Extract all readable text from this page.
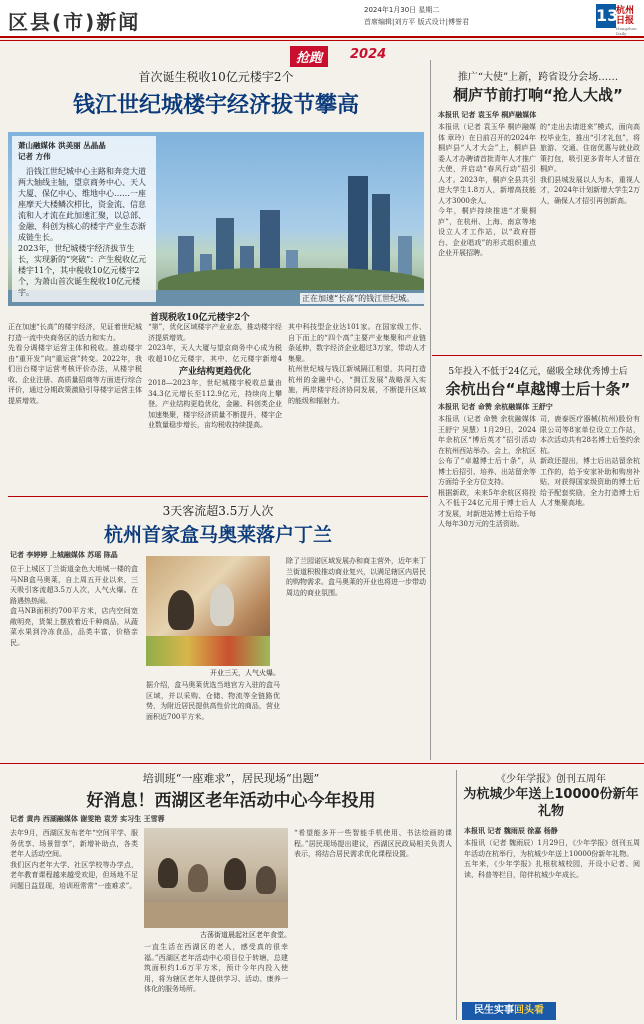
区县(市)新闻	2024年1月30日 星期二
首席编辑|刘方平 版式设计|傅誉君	13
杭州日报
Hangzhou Daily
抢跑	2024
首次诞生税收10亿元楼宇2个
钱江世纪城楼宇经济拔节攀高
萧山融媒体 洪美丽 丛晶晶
记者 方伟
沿钱江世纪城中心主路和奔竞大道两大轴线主轴，望京商务中心、天人大厦、保亿中心、维地中心……一座座摩天大楼鳞次栉比，资金流、信息流和人才流在此加速汇聚，以总部、金融、科创为核心的楼宇产业生态渐成链生长。
2023年，世纪城楼宇经济拔节生长，实现新的“突破”：产生税收亿元楼宇11个，其中税收10亿元楼宇2个，为萧山首次诞生税收10亿元楼宇。
首现税收10亿元楼宇2个
正在加速“长高”的钱江世纪城。
正在加速“长高”的楼宇经济，见证着世纪城打造一流中央商务区的活力和实力。
先看分调楼宇运营主体和税收。推动楼宇由“重开发”向“重运营”转变。2022年，我们出台楼宇运营考核评价办法，从楼宇税收、企业注册、高质量招商等方面进行综合评价，通过分期政策激励引导楼宇运营主体提质增效。
“第”，优化区域楼宇产业业态，推动楼宇经济提质增效。
2023年，天人大厦与望京商务中心成为税收超10亿元楼宇，其中，亿元楼宇新增4

产业结构更趋优化
2018—2023年，世纪城楼宇税收总量由34.3亿元增长至112.9亿元，持续向上攀登。产业结构更趋优化，金融、科创类企业加速集聚，楼宇经济质量不断提升，楼宇企业数量稳步增长，亩均税收持续提高。
其中科技型企业达101家。在国家级工作、自下而上的“四个高”主要产业集聚和产业链条延伸，数字经济企业超过3万家，带动人才集聚。
杭州世纪城与钱江新城隔江相望，共同打造杭州的金融中心，“拥江发展”战略深入实施，两岸楼宇经济协同发展，不断提升区域的能级和辐射力。
推广“大使”上新，跨省设分会场……
桐庐节前打响“抢人大战”
本报讯 记者 袁玉华 桐庐融媒体
本报讯（记者 袁玉华 桐庐融媒体 章玲）在日前召开的2024年桐庐县“人才大会”上，桐庐县委人才办聘请首批青年人才推广大使，并启动“春风行动”招引人才。2023年，桐庐全县共引进大学生1.8万人，新增高技能人才3000余人。
今年，桐庐持续推进“才聚桐庐”，在杭州、上海、南京等地设立人才工作站，以“政府搭台、企业唱戏”的形式组织重点企业开展招聘。
的“走出去请进来”模式，面向高校毕业生，推出“引才礼包”，将旅游、交通、住宿优惠与就业政策打包，吸引更多青年人才留在桐庐。
我们县城发展以人为本，重视人才，2024年计划新增大学生2万人，确保人才招引再创新高。
5年投入不低于24亿元，磁吸全球优秀博士后
余杭出台“卓越博士后十条”
本报讯 记者 命赞 余杭融媒体 王舒宁
本报讯（记者 命赞 余杭融媒体 王舒宁 吴慧）1月29日，2024年余杭区“博后英才”招引活动在杭州西站举办。会上，余杭区公布了“卓越博士后十条”，从博士后招引、培养、出站留余等方面给予全方位支持。
根据新政，未来5年余杭区将投入不低于24亿元用于博士后人才发展，对新进站博士后给予每人每年30万元的生活资助。
司，鹿泰医疗器械(杭州)股份有限公司等8家单位设立工作站，本次活动共有28名博士后签约余杭。
新政还提出，博士后出站留余杭工作的，给予安家补助和购房补贴，对获得国家级资助的博士后给予配套奖励，全力打造博士后人才集聚高地。
3天客流超3.5万人次
杭州首家盒马奥莱落户丁兰
记者 李婷婷 上城融媒体 苏瑶 陈晶
位于上城区丁兰街道金色大地城一楼的盒马NB盒马奥莱，自上周五开业以来，三天吸引客流超3.5万人次，人气火爆。在路遇热热闹。
盒马NB面积约700平方米，店内空间宽敞明亮，货架上摆放着近千种商品，从蔬菜水果到冷冻食品，品类丰富，价格亲民。
开业三天，人气火爆。
据介绍，盒马奥莱优选当地官方入驻的盒马区域，并以采购、仓储、物流等全链路优势，为附近居民提供高性价比的商品，营业面积近700平方米。
除了兰园诺区域发展办和商主营外，近年来丁兰街道积极推动商业复兴，以满足辖区内居民的购物需求。盒马奥莱的开业也将进一步带动周边的商业氛围。
培训班“一座难求”，居民现场“出题”
好消息！西湖区老年活动中心今年投用
记者 黄冉 西湖融媒体 谢雯艳 袁芳 实习生 王雪蓉
去年9月，西湖区发布老年“空间平学、服务优享、场景智享”，新增补助点，各类老年人活动空间。
我们区内老年大学、社区学校等办学点，老年教育课程越来越受欢迎，但场地不足问题日益显现，培训班常常“一座难求”。
古荡街道晨起社区老年食堂。
一直生活在西湖区的老人，感受真的很幸福。”西湖区老年活动中心项目位于转塘，总建筑面积约1.6万平方米，预计今年内投入使用，将为辖区老年人提供学习、活动、康养一体化的服务场所。
“希望能多开一些智能手机使用、书法绘画的课程。”居民现场提出建议，西湖区民政局相关负责人表示，将结合居民需求优化课程设置。
《少年学报》创刊五周年
为杭城少年送上10000份新年礼物
本报讯 记者 魏雨辰 徐嘉 杨静
本报讯（记者 魏雨辰）1月29日，《少年学报》创刊五周年活动在杭举行，为杭城少年送上10000份新年礼物。
五年来，《少年学报》扎根杭城校园，开设小记者、阅读、科普等栏目，陪伴杭城少年成长。
民生实事回头看
